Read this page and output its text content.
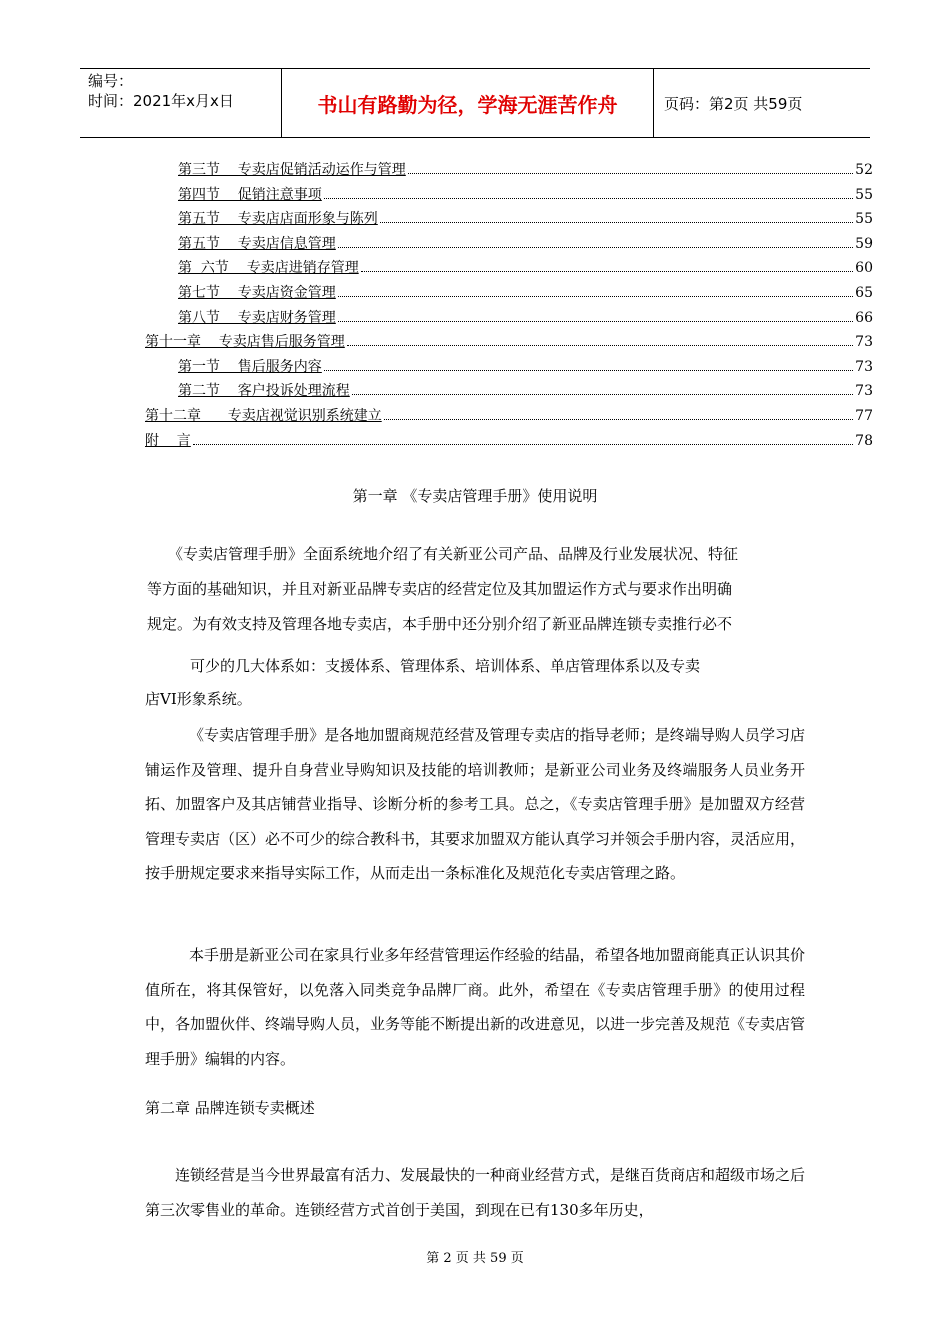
编号：
时间：2021年x月x日	书山有路勤为径，学海无涯苦作舟	页码：第2页 共59页
第三节    专卖店促销活动运作与管理	52
第四节    促销注意事项	55
第五节    专卖店店面形象与陈列	55
第五节    专卖店信息管理	59
第  六节    专卖店进销存管理	60
第七节    专卖店资金管理	65
第八节    专卖店财务管理	66
第十一章    专卖店售后服务管理	73
第一节    售后服务内容	73
第二节    客户投诉处理流程	73
第十二章      专卖店视觉识别系统建立	77
附    言	78
第一章 《专卖店管理手册》使用说明
《专卖店管理手册》全面系统地介绍了有关新亚公司产品、品牌及行业发展状况、特征
等方面的基础知识，并且对新亚品牌专卖店的经营定位及其加盟运作方式与要求作出明确
规定。为有效支持及管理各地专卖店，本手册中还分别介绍了新亚品牌连锁专卖推行必不
可少的几大体系如：支援体系、管理体系、培训体系、单店管理体系以及专卖
店VI形象系统。
《专卖店管理手册》是各地加盟商规范经营及管理专卖店的指导老师；是终端导购人员学习店铺运作及管理、提升自身营业导购知识及技能的培训教师；是新亚公司业务及终端服务人员业务开拓、加盟客户及其店铺营业指导、诊断分析的参考工具。总之，《专卖店管理手册》是加盟双方经营管理专卖店（区）必不可少的综合教科书，其要求加盟双方能认真学习并领会手册内容，灵活应用，按手册规定要求来指导实际工作，从而走出一条标准化及规范化专卖店管理之路。
本手册是新亚公司在家具行业多年经营管理运作经验的结晶，希望各地加盟商能真正认识其价值所在，将其保管好，以免落入同类竞争品牌厂商。此外，希望在《专卖店管理手册》的使用过程中，各加盟伙伴、终端导购人员，业务等能不断提出新的改进意见，以进一步完善及规范《专卖店管理手册》编辑的内容。
第二章 品牌连锁专卖概述
连锁经营是当今世界最富有活力、发展最快的一种商业经营方式，是继百货商店和超级市场之后第三次零售业的革命。连锁经营方式首创于美国，到现在已有130多年历史，
第 2 页 共 59 页
